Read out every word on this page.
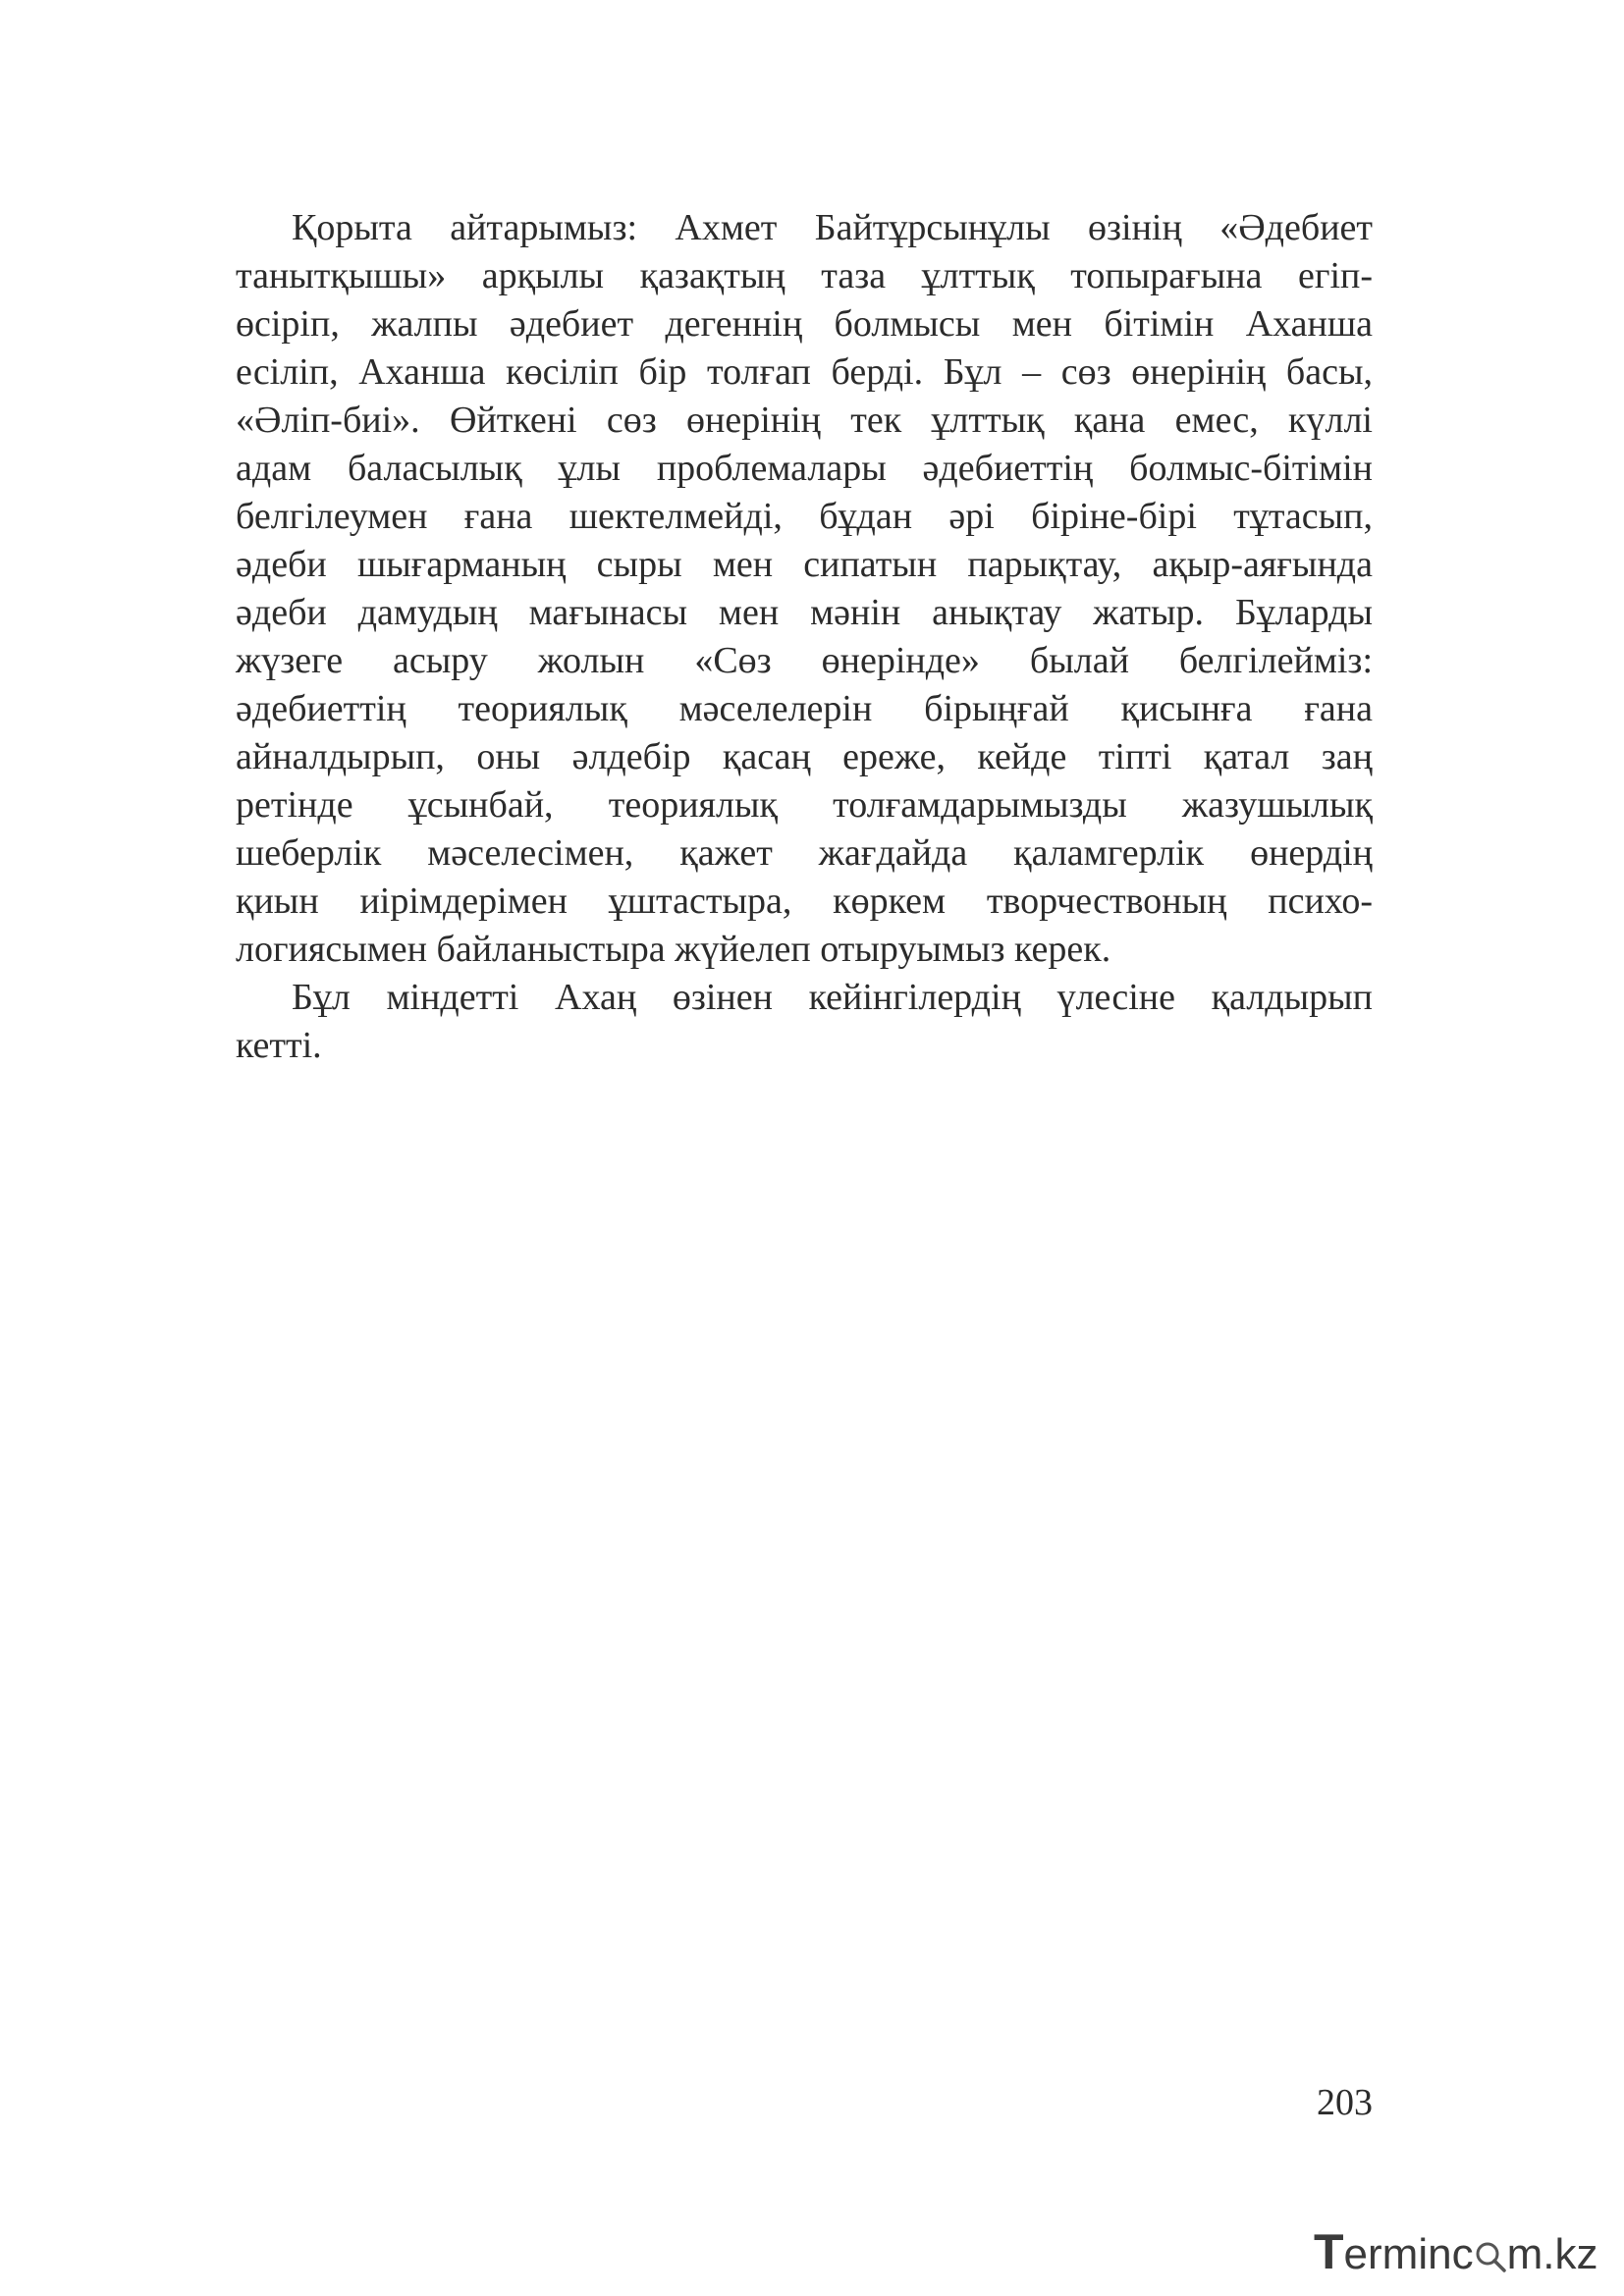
Қорыта айтарымыз: Ахмет Байтұрсынұлы өзінің «Әдебиет
танытқышы» арқылы қазақтың таза ұлттық топырағына егіп-
өсіріп, жалпы әдебиет дегеннің болмысы мен бітімін Аханша
есіліп, Аханша көсіліп бір толғап берді. Бұл – сөз өнерінің басы,
«Әліп-биі». Өйткені сөз өнерінің тек ұлттық қана емес, күллі
адам баласылық ұлы проблемалары әдебиеттің болмыс-бітімін
белгілеумен ғана шектелмейді, бұдан әрі біріне-бірі тұтасып,
әдеби шығарманың сыры мен сипатын парықтау, ақыр-аяғында
әдеби дамудың мағынасы мен мәнін анықтау жатыр. Бұларды
жүзеге асыру жолын «Сөз өнерінде» былай белгілейміз:
әдебиеттің теориялық мәселелерін бірыңғай қисынға ғана
айналдырып, оны әлдебір қасаң ереже, кейде тіпті қатал заң
ретінде ұсынбай, теориялық толғамдарымызды жазушылық
шеберлік мәселесімен, қажет жағдайда қаламгерлік өнердің
қиын иірімдерімен ұштастыра, көркем творчествоның психо-
логиясымен байланыстыра жүйелеп отыруымыз керек.
Бұл міндетті Ахаң өзінен кейінгілердің үлесіне қалдырып
кетті.
203
Terminc m.kz
